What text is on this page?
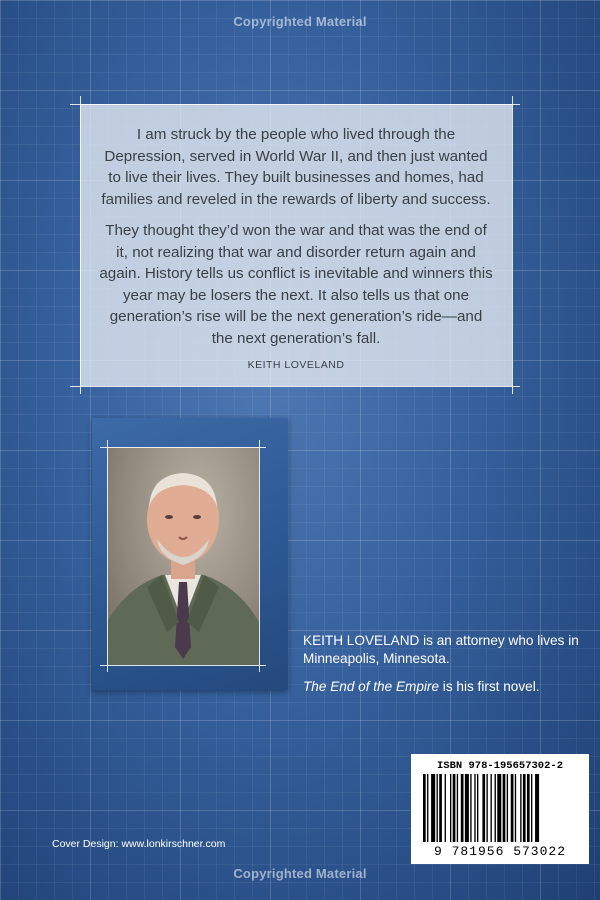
Copyrighted Material

I am struck by the people who lived through the Depression, served in World War II, and then just wanted to live their lives. They built businesses and homes, had families and reveled in the rewards of liberty and success.

They thought they’d won the war and that was the end of it, not realizing that war and disorder return again and again. History tells us conflict is inevitable and winners this year may be losers the next. It also tells us that one generation’s rise will be the next generation’s ride—and the next generation’s fall.

KEITH LOVELAND

KEITH LOVELAND is an attorney who lives in Minneapolis, Minnesota.

The End of the Empire is his first novel.

Cover Design: www.lonkirschner.com
ISBN 978-195657302-2
9 781956 573022
Copyrighted Material
